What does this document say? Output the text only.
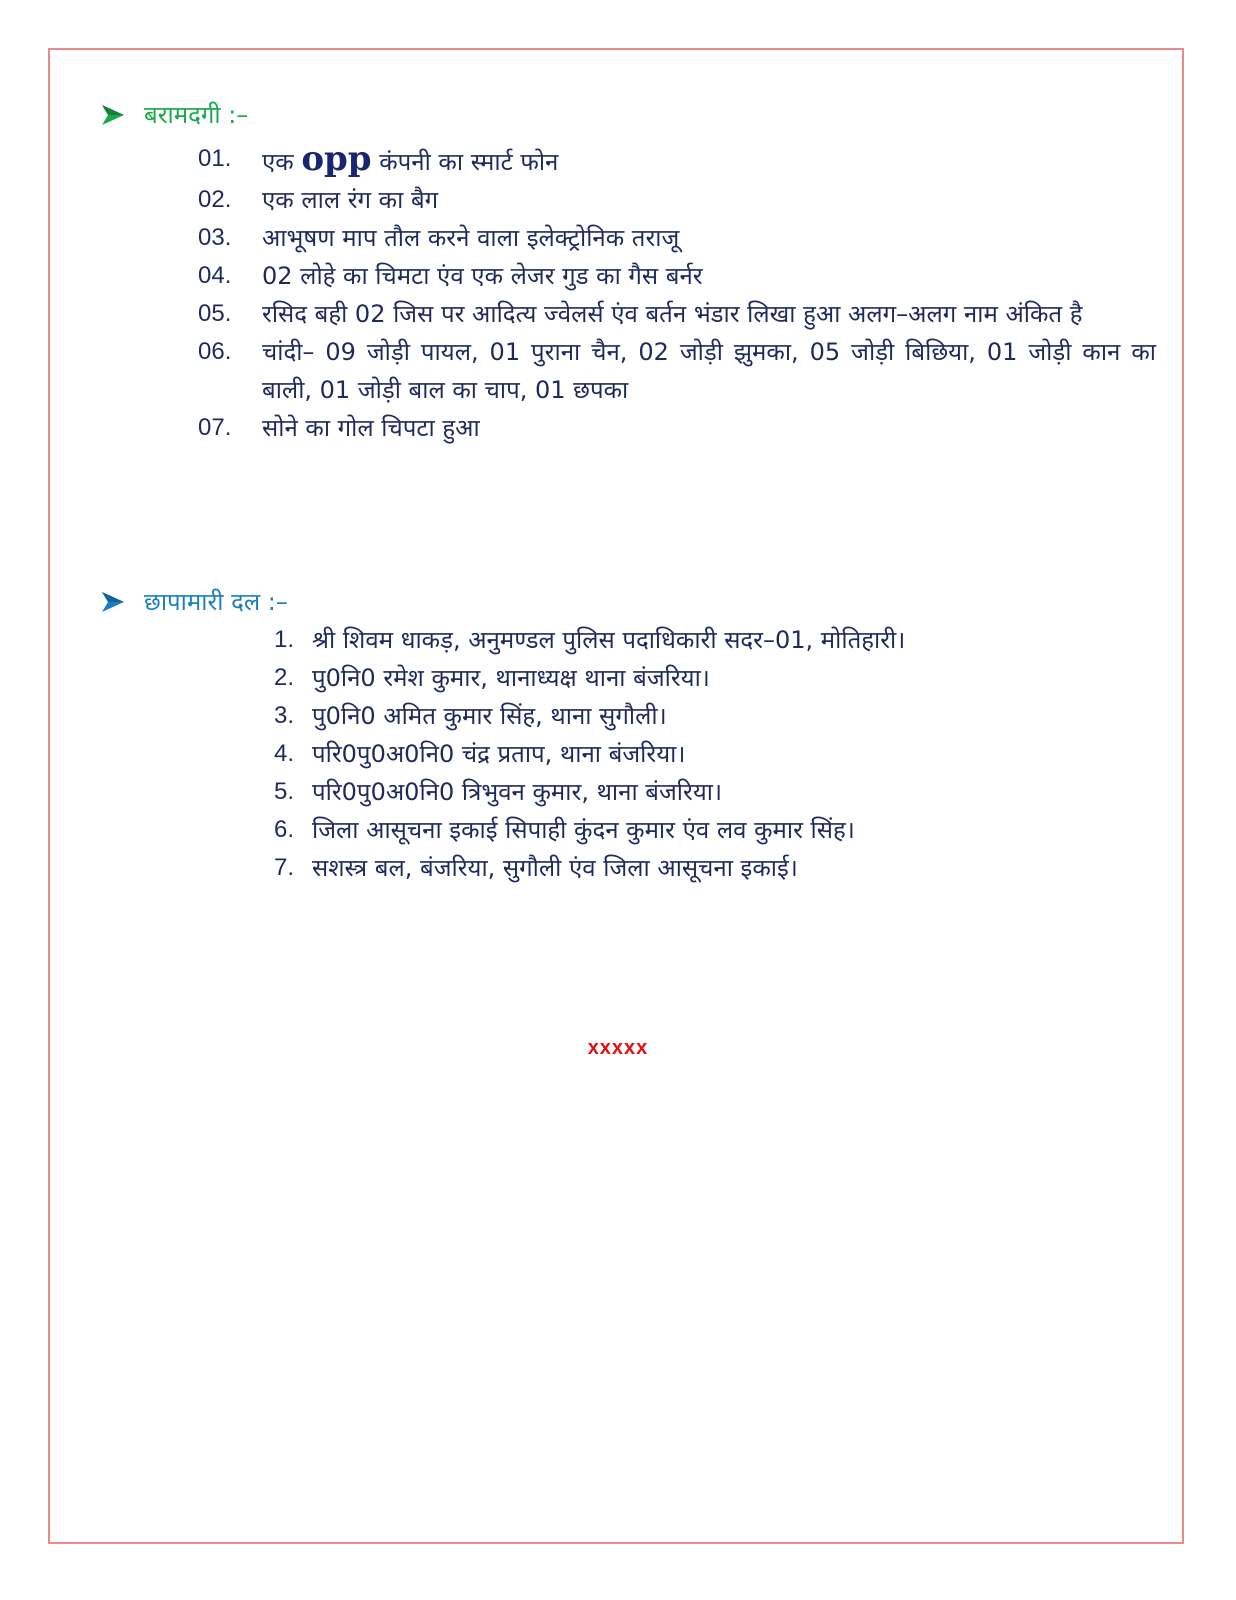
बरामदगी :–
01.	एक opp कंपनी का स्मार्ट फोन
02.	एक लाल रंग का बैग
03.	आभूषण माप तौल करने वाला इलेक्ट्रोनिक तराजू
04.	02 लोहे का चिमटा एंव एक लेजर गुड का गैस बर्नर
05.	रसिद बही 02 जिस पर आदित्य ज्वेलर्स एंव बर्तन भंडार लिखा हुआ अलग–अलग नाम अंकित है
06.	चांदी– 09 जोड़ी पायल, 01 पुराना चैन, 02 जोड़ी झुमका, 05 जोड़ी बिछिया, 01 जोड़ी कान का बाली, 01 जोड़ी बाल का चाप, 01 छपका
07.	सोने का गोल चिपटा हुआ
छापामारी दल :–
1. श्री शिवम धाकड़, अनुमण्डल पुलिस पदाधिकारी सदर–01, मोतिहारी।
2. पु0नि0 रमेश कुमार, थानाध्यक्ष थाना बंजरिया।
3. पु0नि0 अमित कुमार सिंह, थाना सुगौली।
4. परि0पु0अ0नि0 चंद्र प्रताप, थाना बंजरिया।
5. परि0पु0अ0नि0 त्रिभुवन कुमार, थाना बंजरिया।
6. जिला आसूचना इकाई सिपाही कुंदन कुमार एंव लव कुमार सिंह।
7. सशस्त्र बल, बंजरिया, सुगौली एंव जिला आसूचना इकाई।
xxxxx
